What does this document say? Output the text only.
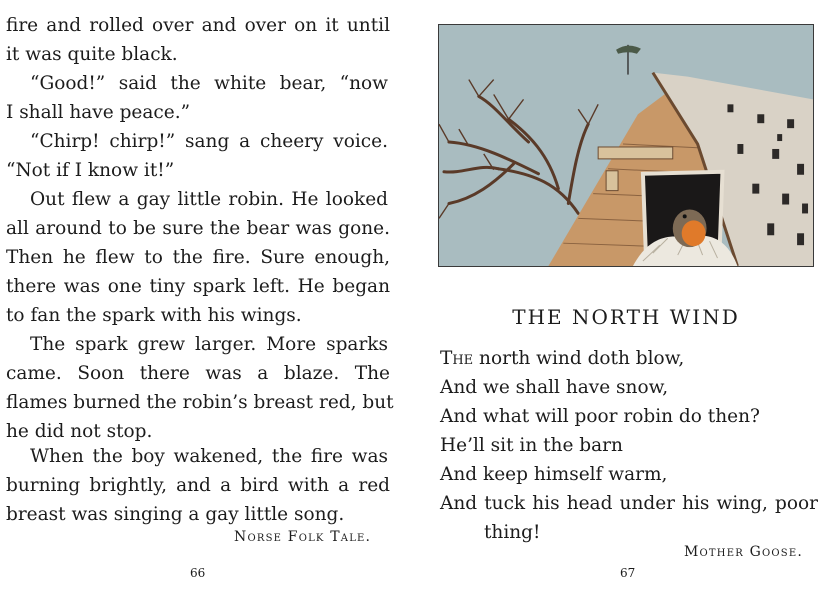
fire and rolled over and over on it until
it was quite black.
“Good!” said the white bear, “now
I shall have peace.”
“Chirp! chirp!” sang a cheery voice.
“Not if I know it!”
Out flew a gay little robin. He looked
all around to be sure the bear was gone.
Then he flew to the fire. Sure enough,
there was one tiny spark left. He began
to fan the spark with his wings.
The spark grew larger. More sparks
came. Soon there was a blaze. The
flames burned the robin’s breast red, but
he did not stop.
When the boy wakened, the fire was
burning brightly, and a bird with a red
breast was singing a gay little song.
Norse Folk Tale.
66
THE NORTH WIND
The north wind doth blow,
And we shall have snow,
And what will poor robin do then?
He’ll sit in the barn
And keep himself warm,
And tuck his head under his wing, poor
thing!
Mother Goose.
67
